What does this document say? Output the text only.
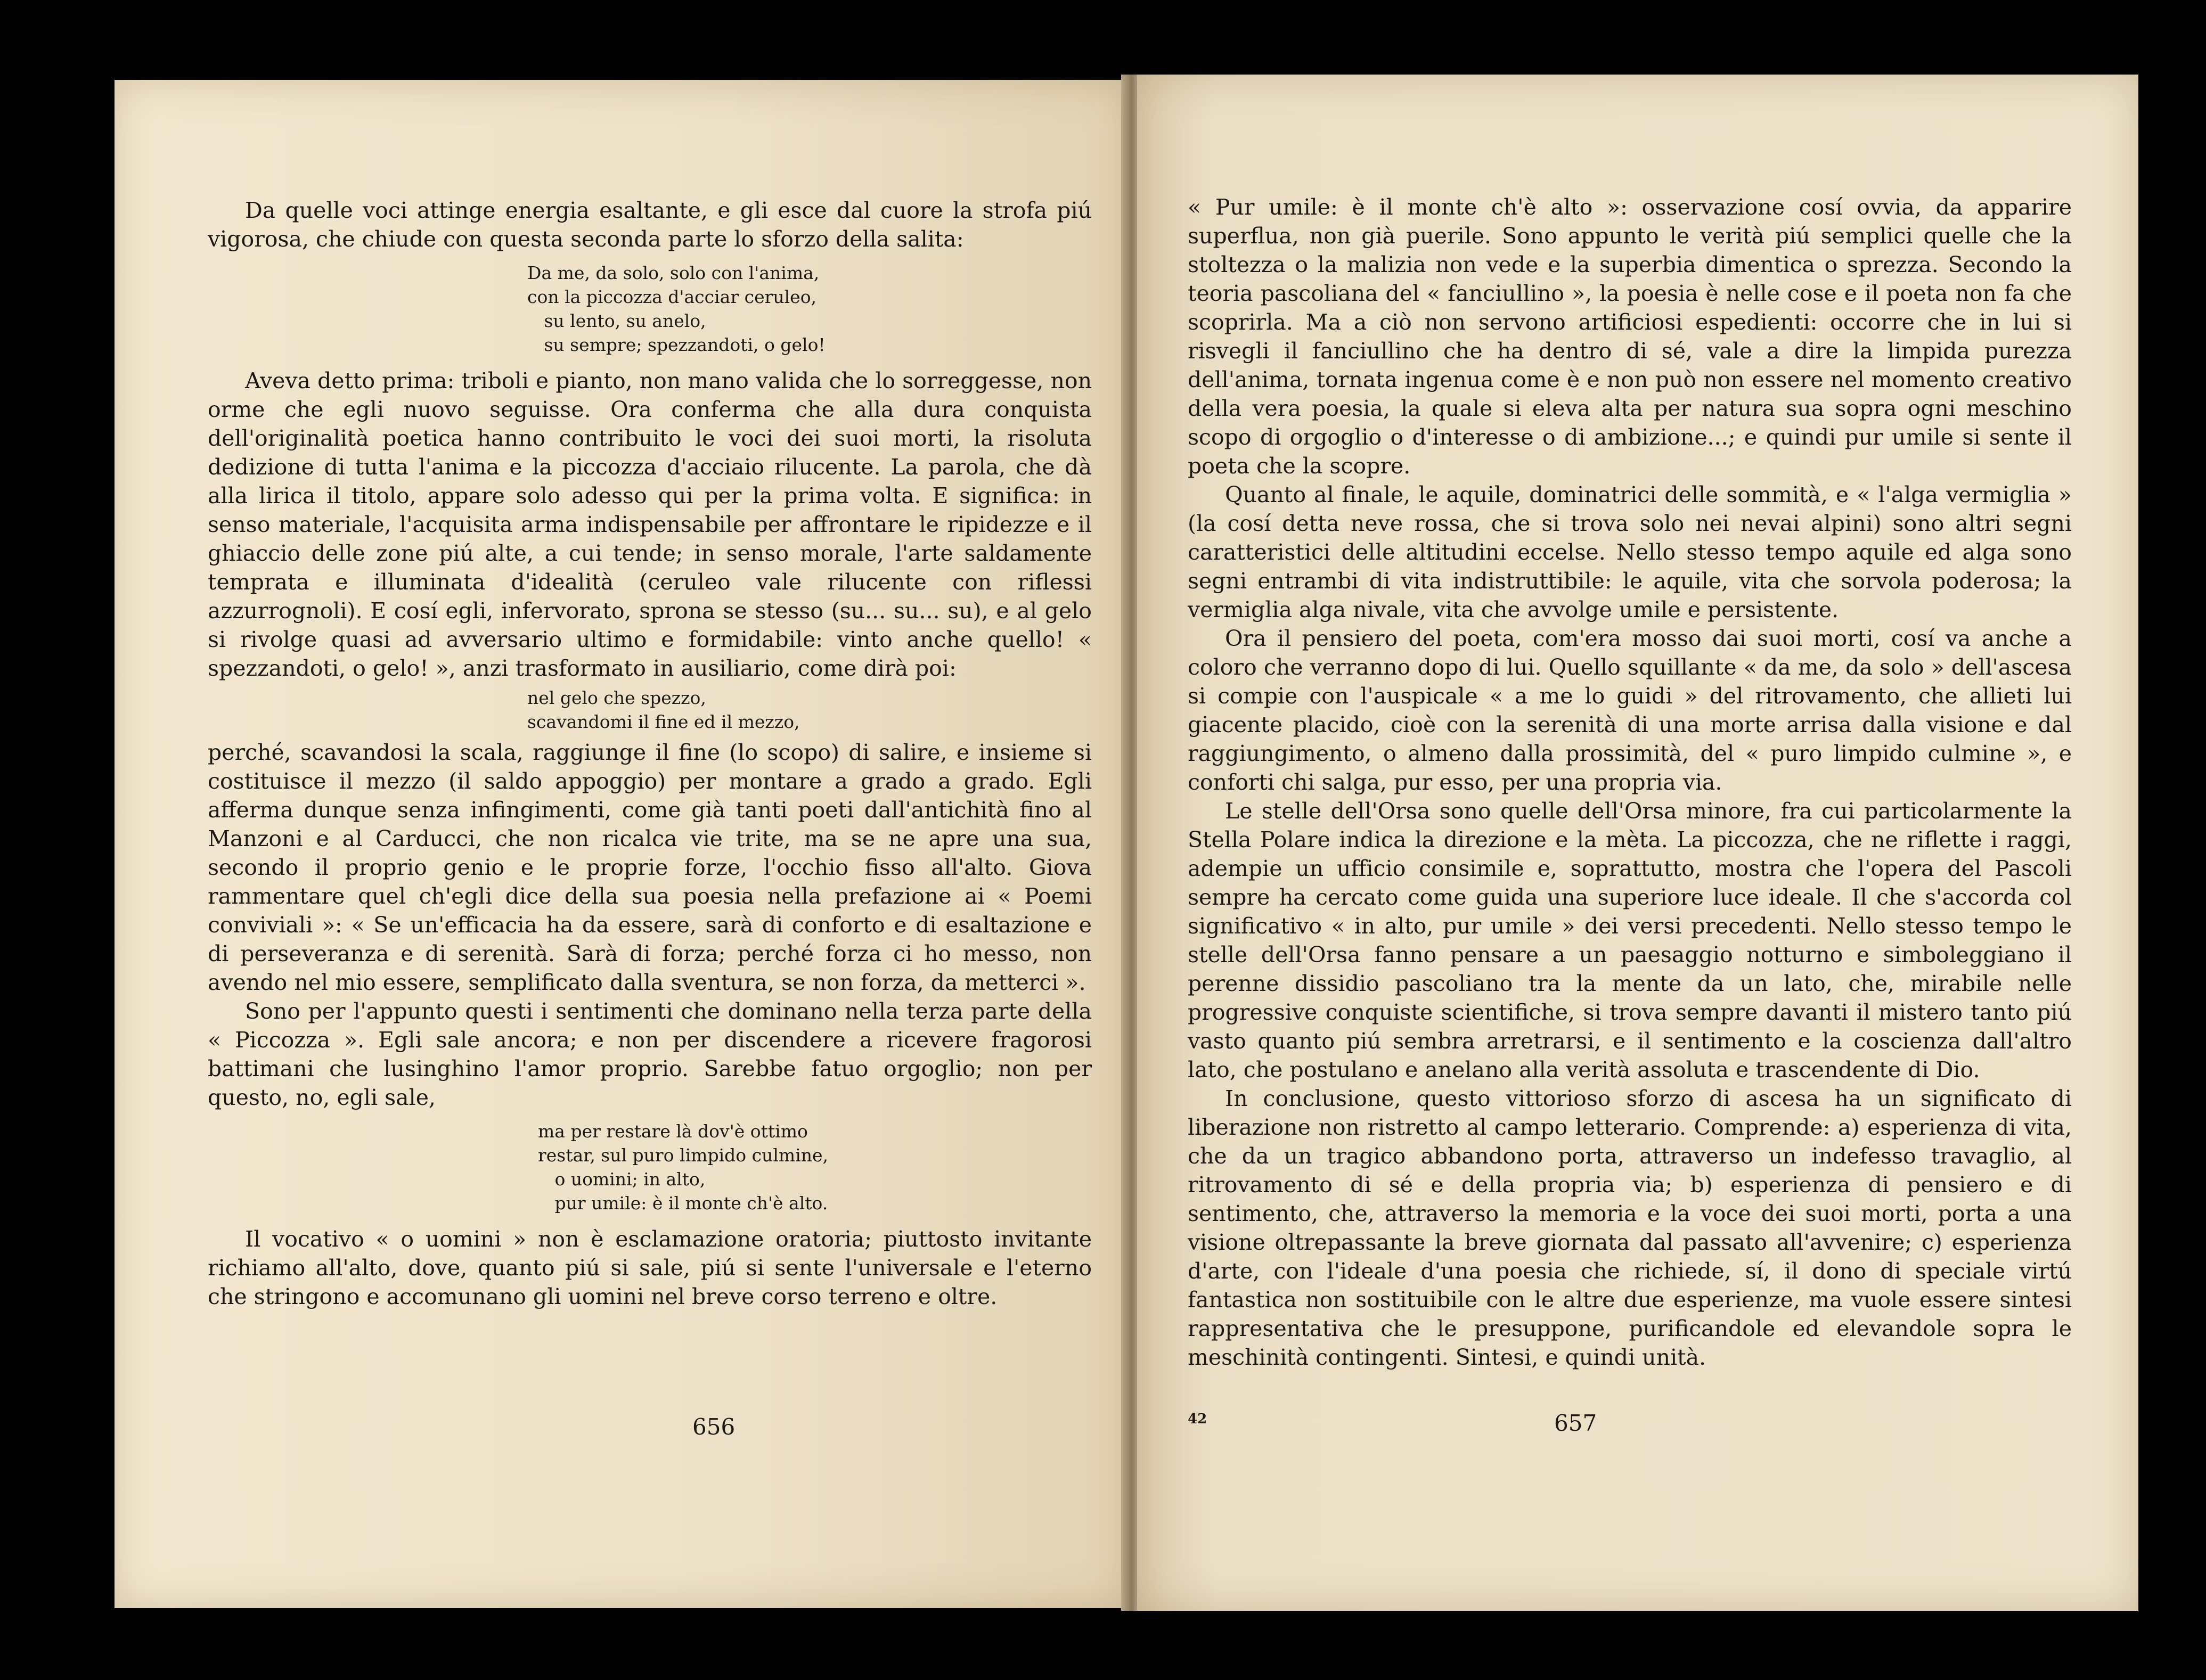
Da quelle voci attinge energia esaltante, e gli esce dal cuore la strofa piú vigorosa, che chiude con questa seconda parte lo sforzo della salita:

Da me, da solo, solo con l'anima,
con la piccozza d'acciar ceruleo,
su lento, su anelo,
su sempre; spezzandoti, o gelo!

Aveva detto prima: triboli e pianto, non mano valida che lo sorreggesse, non orme che egli nuovo seguisse. Ora conferma che alla dura conquista dell'originalità poetica hanno contribuito le voci dei suoi morti, la risoluta dedizione di tutta l'anima e la piccozza d'acciaio rilucente. La parola, che dà alla lirica il titolo, appare solo adesso qui per la prima volta. E significa: in senso materiale, l'acquisita arma indispensabile per affrontare le ripidezze e il ghiaccio delle zone piú alte, a cui tende; in senso morale, l'arte saldamente temprata e illuminata d'idealità (ceruleo vale rilucente con riflessi azzurrognoli). E cosí egli, infervorato, sprona se stesso (su... su... su), e al gelo si rivolge quasi ad avversario ultimo e formidabile: vinto anche quello! « spezzandoti, o gelo! », anzi trasformato in ausiliario, come dirà poi:

nel gelo che spezzo,
scavandomi il fine ed il mezzo,

perché, scavandosi la scala, raggiunge il fine (lo scopo) di salire, e insieme si costituisce il mezzo (il saldo appoggio) per montare a grado a grado. Egli afferma dunque senza infingimenti, come già tanti poeti dall'antichità fino al Manzoni e al Carducci, che non ricalca vie trite, ma se ne apre una sua, secondo il proprio genio e le proprie forze, l'occhio fisso all'alto. Giova rammentare quel ch'egli dice della sua poesia nella prefazione ai « Poemi conviviali »: « Se un'efficacia ha da essere, sarà di conforto e di esaltazione e di perseveranza e di serenità. Sarà di forza; perché forza ci ho messo, non avendo nel mio essere, semplificato dalla sventura, se non forza, da metterci ».

Sono per l'appunto questi i sentimenti che dominano nella terza parte della « Piccozza ». Egli sale ancora; e non per discendere a ricevere fragorosi battimani che lusinghino l'amor proprio. Sarebbe fatuo orgoglio; non per questo, no, egli sale,

ma per restare là dov'è ottimo
restar, sul puro limpido culmine,
o uomini; in alto,
pur umile: è il monte ch'è alto.

Il vocativo « o uomini » non è esclamazione oratoria; piuttosto invitante richiamo all'alto, dove, quanto piú si sale, piú si sente l'universale e l'eterno che stringono e accomunano gli uomini nel breve corso terreno e oltre.

656

« Pur umile: è il monte ch'è alto »: osservazione cosí ovvia, da apparire superflua, non già puerile. Sono appunto le verità piú semplici quelle che la stoltezza o la malizia non vede e la superbia dimentica o sprezza. Secondo la teoria pascoliana del « fanciullino », la poesia è nelle cose e il poeta non fa che scoprirla. Ma a ciò non servono artificiosi espedienti: occorre che in lui si risvegli il fanciullino che ha dentro di sé, vale a dire la limpida purezza dell'anima, tornata ingenua come è e non può non essere nel momento creativo della vera poesia, la quale si eleva alta per natura sua sopra ogni meschino scopo di orgoglio o d'interesse o di ambizione...; e quindi pur umile si sente il poeta che la scopre.

Quanto al finale, le aquile, dominatrici delle sommità, e « l'alga vermiglia » (la cosí detta neve rossa, che si trova solo nei nevai alpini) sono altri segni caratteristici delle altitudini eccelse. Nello stesso tempo aquile ed alga sono segni entrambi di vita indistruttibile: le aquile, vita che sorvola poderosa; la vermiglia alga nivale, vita che avvolge umile e persistente.

Ora il pensiero del poeta, com'era mosso dai suoi morti, cosí va anche a coloro che verranno dopo di lui. Quello squillante « da me, da solo » dell'ascesa si compie con l'auspicale « a me lo guidi » del ritrovamento, che allieti lui giacente placido, cioè con la serenità di una morte arrisa dalla visione e dal raggiungimento, o almeno dalla prossimità, del « puro limpido culmine », e conforti chi salga, pur esso, per una propria via.

Le stelle dell'Orsa sono quelle dell'Orsa minore, fra cui particolarmente la Stella Polare indica la direzione e la mèta. La piccozza, che ne riflette i raggi, adempie un ufficio consimile e, soprattutto, mostra che l'opera del Pascoli sempre ha cercato come guida una superiore luce ideale. Il che s'accorda col significativo « in alto, pur umile » dei versi precedenti. Nello stesso tempo le stelle dell'Orsa fanno pensare a un paesaggio notturno e simboleggiano il perenne dissidio pascoliano tra la mente da un lato, che, mirabile nelle progressive conquiste scientifiche, si trova sempre davanti il mistero tanto piú vasto quanto piú sembra arretrarsi, e il sentimento e la coscienza dall'altro lato, che postulano e anelano alla verità assoluta e trascendente di Dio.

In conclusione, questo vittorioso sforzo di ascesa ha un significato di liberazione non ristretto al campo letterario. Comprende: a) esperienza di vita, che da un tragico abbandono porta, attraverso un indefesso travaglio, al ritrovamento di sé e della propria via; b) esperienza di pensiero e di sentimento, che, attraverso la memoria e la voce dei suoi morti, porta a una visione oltrepassante la breve giornata dal passato all'avvenire; c) esperienza d'arte, con l'ideale d'una poesia che richiede, sí, il dono di speciale virtú fantastica non sostituibile con le altre due esperienze, ma vuole essere sintesi rappresentativa che le presuppone, purificandole ed elevandole sopra le meschinità contingenti. Sintesi, e quindi unità.

42	657
